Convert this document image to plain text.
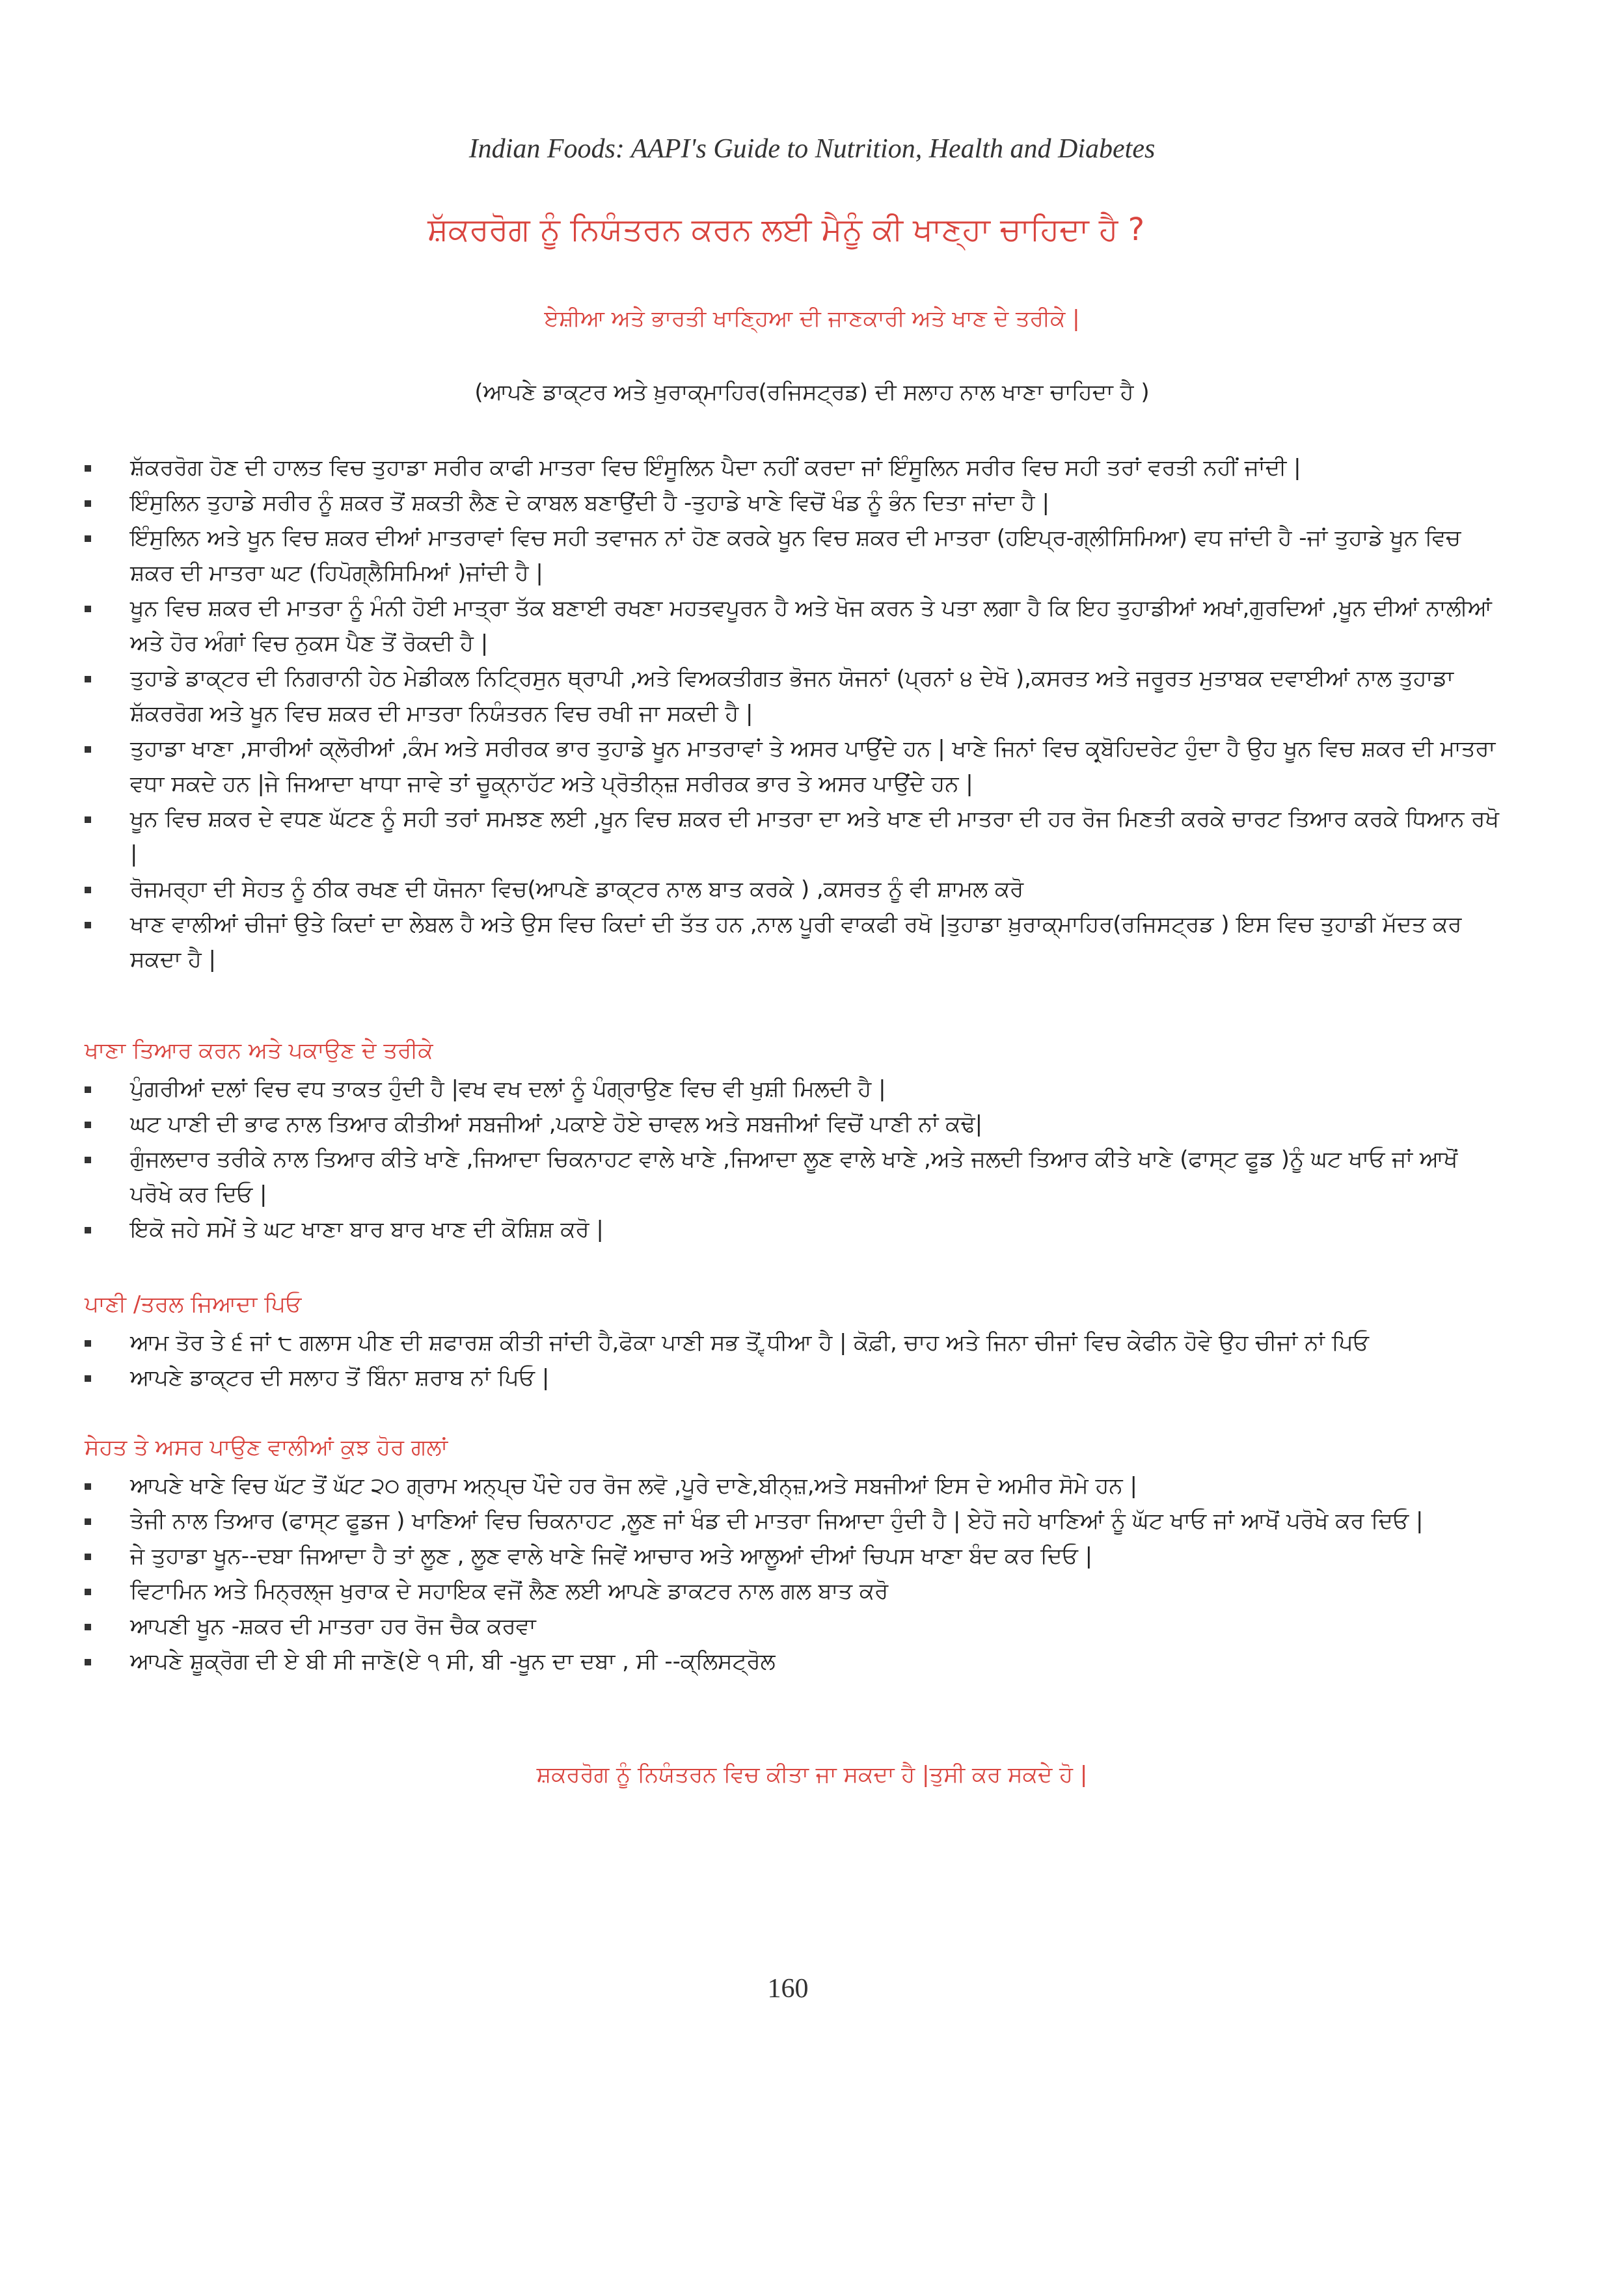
Indian Foods: AAPI's Guide to Nutrition, Health and Diabetes
ਸ਼ੱਕਰਰੋਗ ਨੂੰ ਨਿਯੰਤਰਨ ਕਰਨ ਲਈ ਮੈਨੂੰ ਕੀ ਖਾਣ੍ਹਾ ਚਾਹਿਦਾ ਹੈ ?
ਏਸ਼ੀਆ ਅਤੇ ਭਾਰਤੀ ਖਾਣ੍ਹਿਆ ਦੀ ਜਾਣਕਾਰੀ ਅਤੇ ਖਾਣ ਦੇ ਤਰੀਕੇ |
(ਆਪਣੇ ਡਾਕ੍ਟਰ ਅਤੇ ਖ਼ੁਰਾਕ੍ਮਾਹਿਰ(ਰਜਿਸਟ੍ਰਡ) ਦੀ ਸਲਾਹ ਨਾਲ ਖਾਣਾ ਚਾਹਿਦਾ ਹੈ )
ਸ਼ੱਕਰਰੋਗ ਹੋਣ ਦੀ ਹਾਲਤ ਵਿਚ ਤੁਹਾਡਾ ਸਰੀਰ ਕਾਫੀ ਮਾਤਰਾ ਵਿਚ ਇੰਸੂਲਿਨ ਪੈਦਾ ਨਹੀਂ ਕਰਦਾ ਜਾਂ ਇੰਸੂਲਿਨ ਸਰੀਰ ਵਿਚ ਸਹੀ ਤਰਾਂ ਵਰਤੀ ਨਹੀਂ ਜਾਂਦੀ |
ਇੰਸੁਲਿਨ ਤੁਹਾਡੇ ਸਰੀਰ ਨੂੰ ਸ਼ਕਰ ਤੋਂ ਸ਼ਕਤੀ ਲੈਣ ਦੇ ਕਾਬਲ ਬਣਾਉਂਦੀ ਹੈ -ਤੁਹਾਡੇ ਖਾਣੇ ਵਿਚੋਂ ਖੰਡ ਨੂੰ ਭੰਨ ਦਿਤਾ ਜਾਂਦਾ ਹੈ |
ਇੰਸੁਲਿਨ ਅਤੇ ਖੂਨ ਵਿਚ ਸ਼ਕਰ ਦੀਆਂ ਮਾਤਰਾਵਾਂ ਵਿਚ ਸਹੀ ਤਵਾਜਨ ਨਾਂ ਹੋਣ ਕਰਕੇ ਖੂਨ ਵਿਚ ਸ਼ਕਰ ਦੀ ਮਾਤਰਾ (ਹਇਪ੍ਰ-ਗ੍ਲੀਸਿਮਿਆ) ਵਧ ਜਾਂਦੀ ਹੈ -ਜਾਂ ਤੁਹਾਡੇ ਖੂਨ ਵਿਚ ਸ਼ਕਰ ਦੀ ਮਾਤਰਾ ਘਟ (ਹਿਪੋਗ੍ਲੈਸਿਮਿਆਂ )ਜਾਂਦੀ ਹੈ |
ਖੂਨ ਵਿਚ ਸ਼ਕਰ ਦੀ ਮਾਤਰਾ ਨੂੰ ਮੰਨੀ ਹੋਈ ਮਾਤ੍ਰਾ ਤੱਕ ਬਣਾਈ ਰਖਣਾ ਮਹਤਵਪੂਰਨ ਹੈ ਅਤੇ ਖੋਜ ਕਰਨ ਤੇ ਪਤਾ ਲਗਾ ਹੈ ਕਿ ਇਹ ਤੁਹਾਡੀਆਂ ਅਖਾਂ,ਗੁਰਦਿਆਂ ,ਖੂਨ ਦੀਆਂ ਨਾਲੀਆਂ ਅਤੇ ਹੋਰ ਅੰਗਾਂ ਵਿਚ ਨੁਕਸ ਪੈਣ ਤੋਂ ਰੋਕਦੀ ਹੈ |
ਤੁਹਾਡੇ ਡਾਕ੍ਟਰ ਦੀ ਨਿਗਰਾਨੀ ਹੇਠ ਮੇਡੀਕਲ ਨਿਟ੍ਰਿਸੁਨ ਥ੍ਰਾਪੀ ,ਅਤੇ ਵਿਅਕਤੀਗਤ ਭੋਜਨ ਯੋਜਨਾਂ (ਪ੍ਰਨਾਂ ੪ ਦੇਖੋ ),ਕਸਰਤ ਅਤੇ ਜਰੂਰਤ ਮੁਤਾਬਕ ਦਵਾਈਆਂ ਨਾਲ ਤੁਹਾਡਾ ਸ਼ੱਕਰਰੋਗ ਅਤੇ ਖੂਨ ਵਿਚ ਸ਼ਕਰ ਦੀ ਮਾਤਰਾ ਨਿਯੰਤਰਨ ਵਿਚ ਰਖੀ ਜਾ ਸਕਦੀ ਹੈ |
ਤੁਹਾਡਾ ਖਾਣਾ ,ਸਾਰੀਆਂ ਕ੍ਲੋਰੀਆਂ ,ਕੰਮ ਅਤੇ ਸਰੀਰਕ ਭਾਰ ਤੁਹਾਡੇ ਖੂਨ ਮਾਤਰਾਵਾਂ ਤੇ ਅਸਰ ਪਾਉਂਦੇ ਹਨ | ਖਾਣੇ ਜਿਨਾਂ ਵਿਚ ਕਰ੍ਬੋਹਿਦਰੇਟ ਹੁੰਦਾ ਹੈ ਉਹ ਖੂਨ ਵਿਚ ਸ਼ਕਰ ਦੀ ਮਾਤਰਾ ਵਧਾ ਸਕਦੇ ਹਨ |ਜੇ ਜਿਆਦਾ ਖਾਧਾ ਜਾਵੇ ਤਾਂ ਚੂਕ੍ਨਾਹੱਟ ਅਤੇ ਪ੍ਰੋਤੀਨ੍ਜ਼ ਸਰੀਰਕ ਭਾਰ ਤੇ ਅਸਰ ਪਾਉਂਦੇ ਹਨ |
ਖੂਨ ਵਿਚ ਸ਼ਕਰ ਦੇ ਵਧਣ ਘੱਟਣ ਨੂੰ ਸਹੀ ਤਰਾਂ ਸਮਝਣ ਲਈ ,ਖੂਨ ਵਿਚ ਸ਼ਕਰ ਦੀ ਮਾਤਰਾ ਦਾ ਅਤੇ ਖਾਣ ਦੀ ਮਾਤਰਾ ਦੀ ਹਰ ਰੋਜ ਮਿਣਤੀ ਕਰਕੇ ਚਾਰਟ ਤਿਆਰ ਕਰਕੇ ਧਿਆਨ ਰਖੋ |
ਰੋਜਮਰ੍ਹਾ ਦੀ ਸੇਹਤ ਨੂੰ ਠੀਕ ਰਖਣ ਦੀ ਯੋਜਨਾ ਵਿਚ(ਆਪਣੇ ਡਾਕ੍ਟਰ ਨਾਲ ਬਾਤ ਕਰਕੇ ) ,ਕਸਰਤ ਨੂੰ ਵੀ ਸ਼ਾਮਲ ਕਰੋ
ਖਾਣ ਵਾਲੀਆਂ ਚੀਜਾਂ ਉਤੇ ਕਿਦਾਂ ਦਾ ਲੇਬਲ ਹੈ ਅਤੇ ਉਸ ਵਿਚ ਕਿਦਾਂ ਦੀ ਤੱਤ ਹਨ ,ਨਾਲ ਪੂਰੀ ਵਾਕਫੀ ਰਖੋ |ਤੁਹਾਡਾ ਖ਼ੁਰਾਕ੍ਮਾਹਿਰ(ਰਜਿਸਟ੍ਰਡ ) ਇਸ ਵਿਚ ਤੁਹਾਡੀ ਮੱਦਤ ਕਰ ਸਕਦਾ ਹੈ |
ਖਾਣਾ ਤਿਆਰ ਕਰਨ ਅਤੇ ਪਕਾਉਣ ਦੇ ਤਰੀਕੇ
ਪੁੰਗਰੀਆਂ ਦਲਾਂ ਵਿਚ ਵਧ ਤਾਕਤ ਹੁੰਦੀ ਹੈ |ਵਖ ਵਖ ਦਲਾਂ ਨੂੰ ਪੰਗ੍ਰਾਉਣ ਵਿਚ ਵੀ ਖੁਸ਼ੀ ਮਿਲਦੀ ਹੈ |
ਘਟ ਪਾਣੀ ਦੀ ਭਾਫ ਨਾਲ ਤਿਆਰ ਕੀਤੀਆਂ ਸਬਜੀਆਂ ,ਪਕਾਏ ਹੋਏ ਚਾਵਲ ਅਤੇ ਸਬਜੀਆਂ ਵਿਚੋਂ ਪਾਣੀ ਨਾਂ ਕਢੋ|
ਗੁੰਜਲਦਾਰ ਤਰੀਕੇ ਨਾਲ ਤਿਆਰ ਕੀਤੇ ਖਾਣੇ ,ਜਿਆਦਾ ਚਿਕਨਾਹਟ ਵਾਲੇ ਖਾਣੇ ,ਜਿਆਦਾ ਲੂਣ ਵਾਲੇ ਖਾਣੇ ,ਅਤੇ ਜਲਦੀ ਤਿਆਰ ਕੀਤੇ ਖਾਣੇ (ਫਾਸ੍ਟ ਫੂਡ )ਨੂੰ ਘਟ ਖਾਓ ਜਾਂ ਆਖੋਂ ਪਰੋਖੇ ਕਰ ਦਿਓ |
ਇਕੋ ਜਹੇ ਸਮੇਂ ਤੇ ਘਟ ਖਾਣਾ ਬਾਰ ਬਾਰ ਖਾਣ ਦੀ ਕੋਸ਼ਿਸ਼ ਕਰੋ |
ਪਾਣੀ /ਤਰਲ ਜਿਆਦਾ ਪਿਓ
ਆਮ ਤੋਰ ਤੇ ੬ ਜਾਂ ੮ ਗਲਾਸ ਪੀਣ ਦੀ ਸ਼ਫਾਰਸ਼ ਕੀਤੀ ਜਾਂਦੀ ਹੈ,ਫੋਕਾ ਪਾਣੀ ਸਭ ਤੋਂ ਵ੍ਧੀਆ ਹੈ | ਕੋਫ਼ੀ, ਚਾਹ ਅਤੇ ਜਿਨਾ ਚੀਜਾਂ ਵਿਚ ਕੇਫੀਨ ਹੋਵੇ ਉਹ ਚੀਜਾਂ ਨਾਂ ਪਿਓ
ਆਪਣੇ ਡਾਕ੍ਟਰ ਦੀ ਸਲਾਹ ਤੋਂ ਬਿੰਨਾ ਸ਼ਰਾਬ ਨਾਂ ਪਿਓ |
ਸੇਹਤ ਤੇ ਅਸਰ ਪਾਉਣ ਵਾਲੀਆਂ ਕੁਝ ਹੋਰ ਗਲਾਂ
ਆਪਣੇ ਖਾਣੇ ਵਿਚ ਘੱਟ ਤੋਂ ਘੱਟ ੨੦ ਗ੍ਰਾਮ ਅਨ੍ਪ੍ਚ ਪੌਦੇ ਹਰ ਰੋਜ ਲਵੋ ,ਪੂਰੇ ਦਾਣੇ,ਬੀਨ੍ਜ਼,ਅਤੇ ਸਬਜੀਆਂ ਇਸ ਦੇ ਅਮੀਰ ਸੋਮੇ ਹਨ |
ਤੇਜੀ ਨਾਲ ਤਿਆਰ (ਫਾਸ੍ਟ ਫੂਡਜ ) ਖਾਣਿਆਂ ਵਿਚ ਚਿਕਨਾਹਟ ,ਲੂਣ ਜਾਂ ਖੰਡ ਦੀ ਮਾਤਰਾ ਜਿਆਦਾ ਹੁੰਦੀ ਹੈ | ਏਹੋ ਜਹੇ ਖਾਣਿਆਂ ਨੂੰ ਘੱਟ ਖਾਓ ਜਾਂ ਆਖੋਂ ਪਰੋਖੇ ਕਰ ਦਿਓ |
ਜੇ ਤੁਹਾਡਾ ਖੂਨ--ਦਬਾ ਜਿਆਦਾ ਹੈ ਤਾਂ ਲੂਣ , ਲੂਣ ਵਾਲੇ ਖਾਣੇ ਜਿਵੇਂ ਆਚਾਰ ਅਤੇ ਆਲੂਆਂ ਦੀਆਂ ਚਿਪਸ ਖਾਣਾ ਬੰਦ ਕਰ ਦਿਓ |
ਵਿਟਾਮਿਨ ਅਤੇ ਮਿਨ੍ਰਲ੍ਜ ਖੁਰਾਕ ਦੇ ਸਹਾਇਕ ਵਜੋਂ ਲੈਣ ਲਈ ਆਪਣੇ ਡਾਕਟਰ ਨਾਲ ਗਲ ਬਾਤ ਕਰੋ
ਆਪਣੀ ਖੂਨ -ਸ਼ਕਰ ਦੀ ਮਾਤਰਾ ਹਰ ਰੋਜ ਚੈਕ ਕਰਵਾ
ਆਪਣੇ ਸ਼ੂਕ੍ਰੋਗ ਦੀ ਏ ਬੀ ਸੀ ਜਾਣੋ(ਏ ੧ ਸੀ, ਬੀ -ਖੂਨ ਦਾ ਦਬਾ , ਸੀ --ਕ੍ਲਿਸਟ੍ਰੋਲ
ਸ਼ਕਰਰੋਗ ਨੂੰ ਨਿਯੰਤਰਨ ਵਿਚ ਕੀਤਾ ਜਾ ਸਕਦਾ ਹੈ |ਤੁਸੀ ਕਰ ਸਕਦੇ ਹੋ |
160
